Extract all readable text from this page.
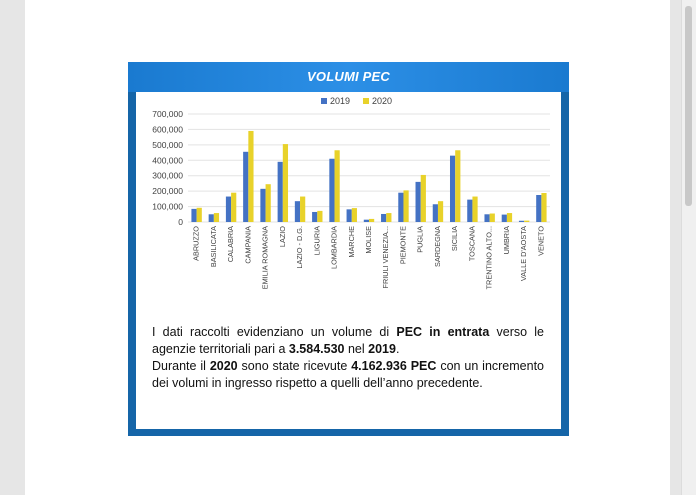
VOLUMI PEC
0
100,000
200,000
300,000
400,000
500,000
600,000
700,000
ABRUZZO BASILICATA CALABRIA CAMPANIA EMILIA ROMAGNA LAZIO LAZIO - D.G. LIGURIA LOMBARDIA MARCHE MOLISE FRIULI VENEZIA... PIEMONTE PUGLIA SARDEGNA SICILIA TOSCANA TRENTINO ALTO... UMBRIA VALLE D'AOSTA VENETO
2019 2020

I dati raccolti evidenziano un volume di PEC in entrata verso le agenzie territoriali pari a 3.584.530 nel 2019.

Durante il 2020 sono state ricevute 4.162.936 PEC con un incremento dei volumi in ingresso rispetto a quelli dell’anno precedente.
